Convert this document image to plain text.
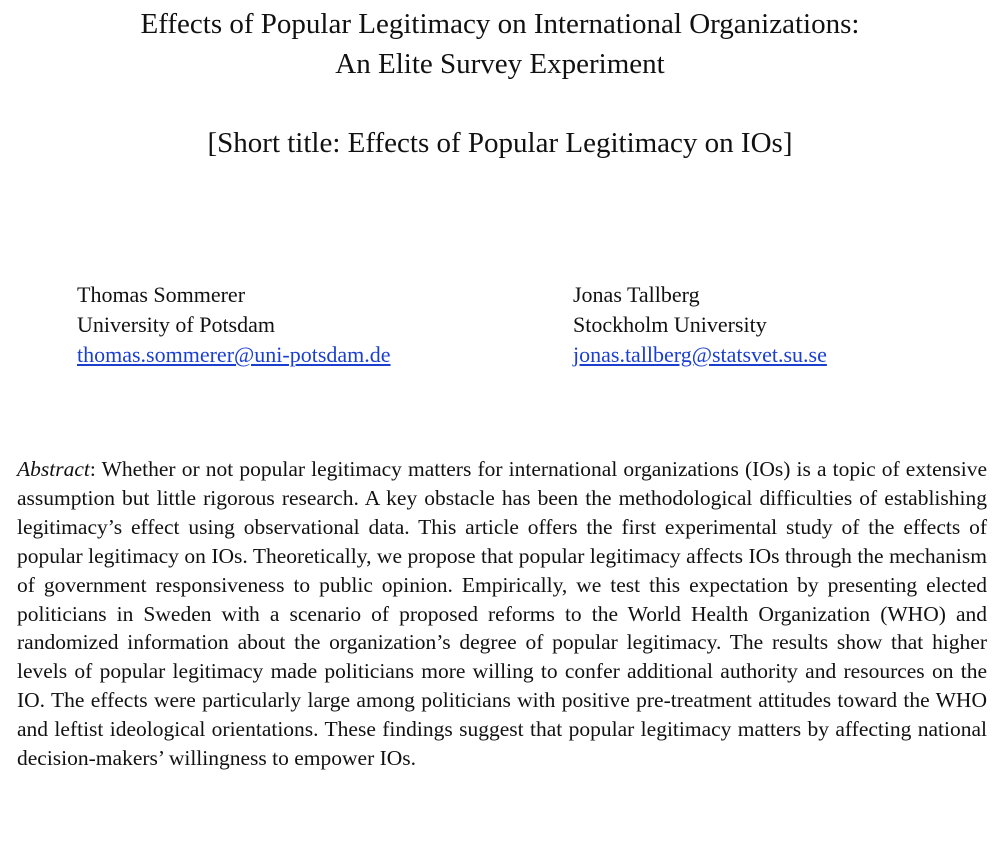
Effects of Popular Legitimacy on International Organizations:
An Elite Survey Experiment
[Short title: Effects of Popular Legitimacy on IOs]
Thomas Sommerer
University of Potsdam
thomas.sommerer@uni-potsdam.de
Jonas Tallberg
Stockholm University
jonas.tallberg@statsvet.su.se
Abstract: Whether or not popular legitimacy matters for international organizations (IOs) is a topic of extensive assumption but little rigorous research. A key obstacle has been the methodological difficulties of establishing legitimacy’s effect using observational data. This article offers the first experimental study of the effects of popular legitimacy on IOs. Theoretically, we propose that popular legitimacy affects IOs through the mechanism of government responsiveness to public opinion. Empirically, we test this expectation by presenting elected politicians in Sweden with a scenario of proposed reforms to the World Health Organization (WHO) and randomized information about the organization’s degree of popular legitimacy. The results show that higher levels of popular legitimacy made politicians more willing to confer additional authority and resources on the IO. The effects were particularly large among politicians with positive pre-treatment attitudes toward the WHO and leftist ideological orientations. These findings suggest that popular legitimacy matters by affecting national decision-makers’ willingness to empower IOs.
